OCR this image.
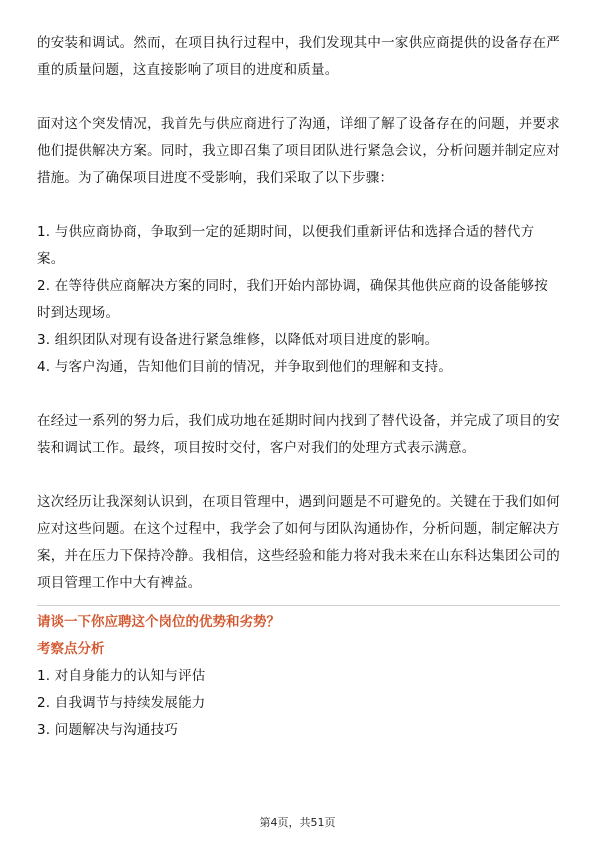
的安装和调试。然而，在项目执行过程中，我们发现其中一家供应商提供的设备存在严重的质量问题，这直接影响了项目的进度和质量。

面对这个突发情况，我首先与供应商进行了沟通，详细了解了设备存在的问题，并要求他们提供解决方案。同时，我立即召集了项目团队进行紧急会议，分析问题并制定应对措施。为了确保项目进度不受影响，我们采取了以下步骤：

1. 与供应商协商，争取到一定的延期时间，以便我们重新评估和选择合适的替代方案。

2. 在等待供应商解决方案的同时，我们开始内部协调，确保其他供应商的设备能够按时到达现场。

3. 组织团队对现有设备进行紧急维修，以降低对项目进度的影响。

4. 与客户沟通，告知他们目前的情况，并争取到他们的理解和支持。

在经过一系列的努力后，我们成功地在延期时间内找到了替代设备，并完成了项目的安装和调试工作。最终，项目按时交付，客户对我们的处理方式表示满意。

这次经历让我深刻认识到，在项目管理中，遇到问题是不可避免的。关键在于我们如何应对这些问题。在这个过程中，我学会了如何与团队沟通协作，分析问题，制定解决方案，并在压力下保持冷静。我相信，这些经验和能力将对我未来在山东科达集团公司的项目管理工作中大有裨益。

请谈一下你应聘这个岗位的优势和劣势？

考察点分析

1. 对自身能力的认知与评估

2. 自我调节与持续发展能力

3. 问题解决与沟通技巧

第4页，共51页
